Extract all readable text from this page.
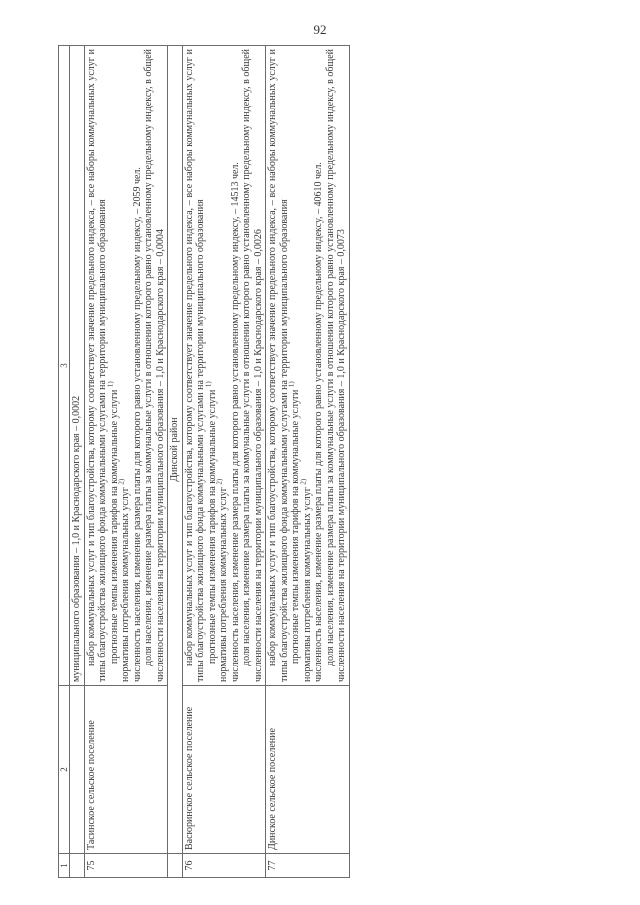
92
1	2	3
		муниципального образования – 1,0 и Краснодарского края – 0,0002
75	Тасинское сельское поселение	набор коммунальных услуг и тип благоустройства, которому соответствует значение предельного индекса, – все наборы коммунальных услуг и типы благоустройства жилищного фонда коммунальными услугами на территории муниципального образования прогнозные темпы изменения тарифов на коммунальные услуги $^{1)}$
нормативы потребления коммунальных услуг $^{2)}$ численность населения, изменение размера платы для которого равно установленному предельному индексу, – 2059 чел. доля населения, изменение размера платы за коммунальные услуги в отношении которого равно установленному предельному индексу, в общей численности населения на территории муниципального образования – 1,0 и Краснодарского края – 0,0004

	Динской район	
76	Васюринское сельское поселение	набор коммунальных услуг и тип благоустройства, которому соответствует значение предельного индекса, – все наборы коммунальных услуг и типы благоустройства жилищного фонда коммунальными услугами на территории муниципального образования прогнозные темпы изменения тарифов на коммунальные услуги $^{1)}$
нормативы потребления коммунальных услуг $^{2)}$ численность населения, изменение размера платы для которого равно установленному предельному индексу, – 14513 чел. доля населения, изменение размера платы за коммунальные услуги в отношении которого равно установленному предельному индексу, в общей численности населения на территории муниципального образования – 1,0 и Краснодарского края – 0,0026

77	Динское сельское поселение	набор коммунальных услуг и тип благоустройства, которому соответствует значение предельного индекса, – все наборы коммунальных услуг и типы благоустройства жилищного фонда коммунальными услугами на территории муниципального образования прогнозные темпы изменения тарифов на коммунальные услуги $^{1)}$
нормативы потребления коммунальных услуг $^{2)}$ численность населения, изменение размера платы для которого равно установленному предельному индексу, – 40610 чел. доля населения, изменение размера платы за коммунальные услуги в отношении которого равно установленному предельному индексу, в общей численности населения на территории муниципального образования – 1,0 и Краснодарского края – 0,0073
